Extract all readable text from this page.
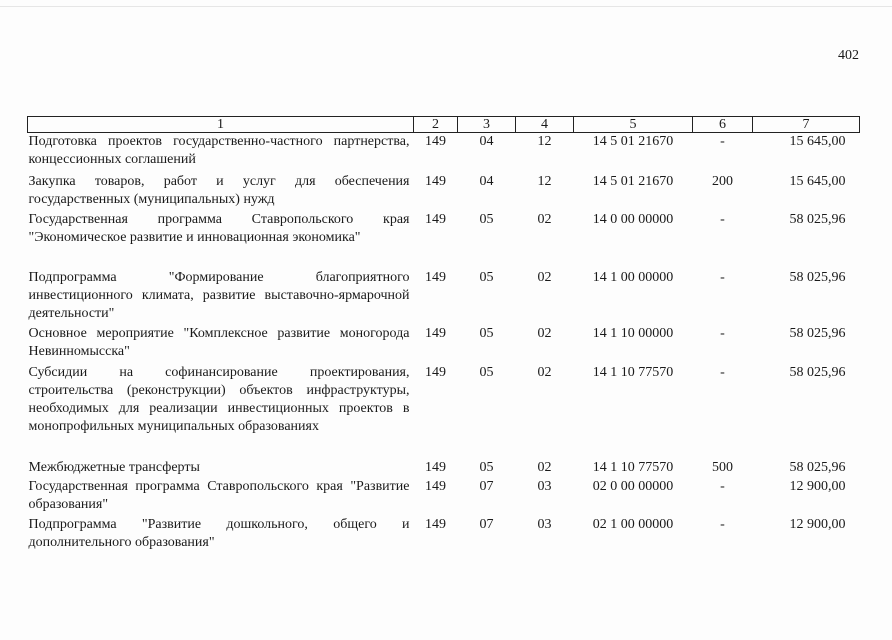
402
1	2	3	4	5	6	7
Подготовка проектов государственно-частного партнерства, концессионных соглашений	149	04	12	14 5 01 21670	-	15 645,00
Закупка товаров, работ и услуг для обеспечения государственных (муниципальных) нужд	149	04	12	14 5 01 21670	200	15 645,00
Государственная программа Ставропольского края "Экономическое развитие и инновационная экономика"	149	05	02	14 0 00 00000	-	58 025,96
Подпрограмма "Формирование благоприятного инвестиционного климата, развитие выставочно-ярмарочной деятельности"	149	05	02	14 1 00 00000	-	58 025,96
Основное мероприятие "Комплексное развитие моногорода Невинномысска"	149	05	02	14 1 10 00000	-	58 025,96
Субсидии на софинансирование проектирования, строительства (реконструкции) объектов инфраструктуры, необходимых для реализации инвестиционных проектов в монопрофильных муниципальных образованиях	149	05	02	14 1 10 77570	-	58 025,96
Межбюджетные трансферты	149	05	02	14 1 10 77570	500	58 025,96
Государственная программа Ставропольского края "Развитие образования"	149	07	03	02 0 00 00000	-	12 900,00
Подпрограмма "Развитие дошкольного, общего и дополнительного образования"	149	07	03	02 1 00 00000	-	12 900,00
